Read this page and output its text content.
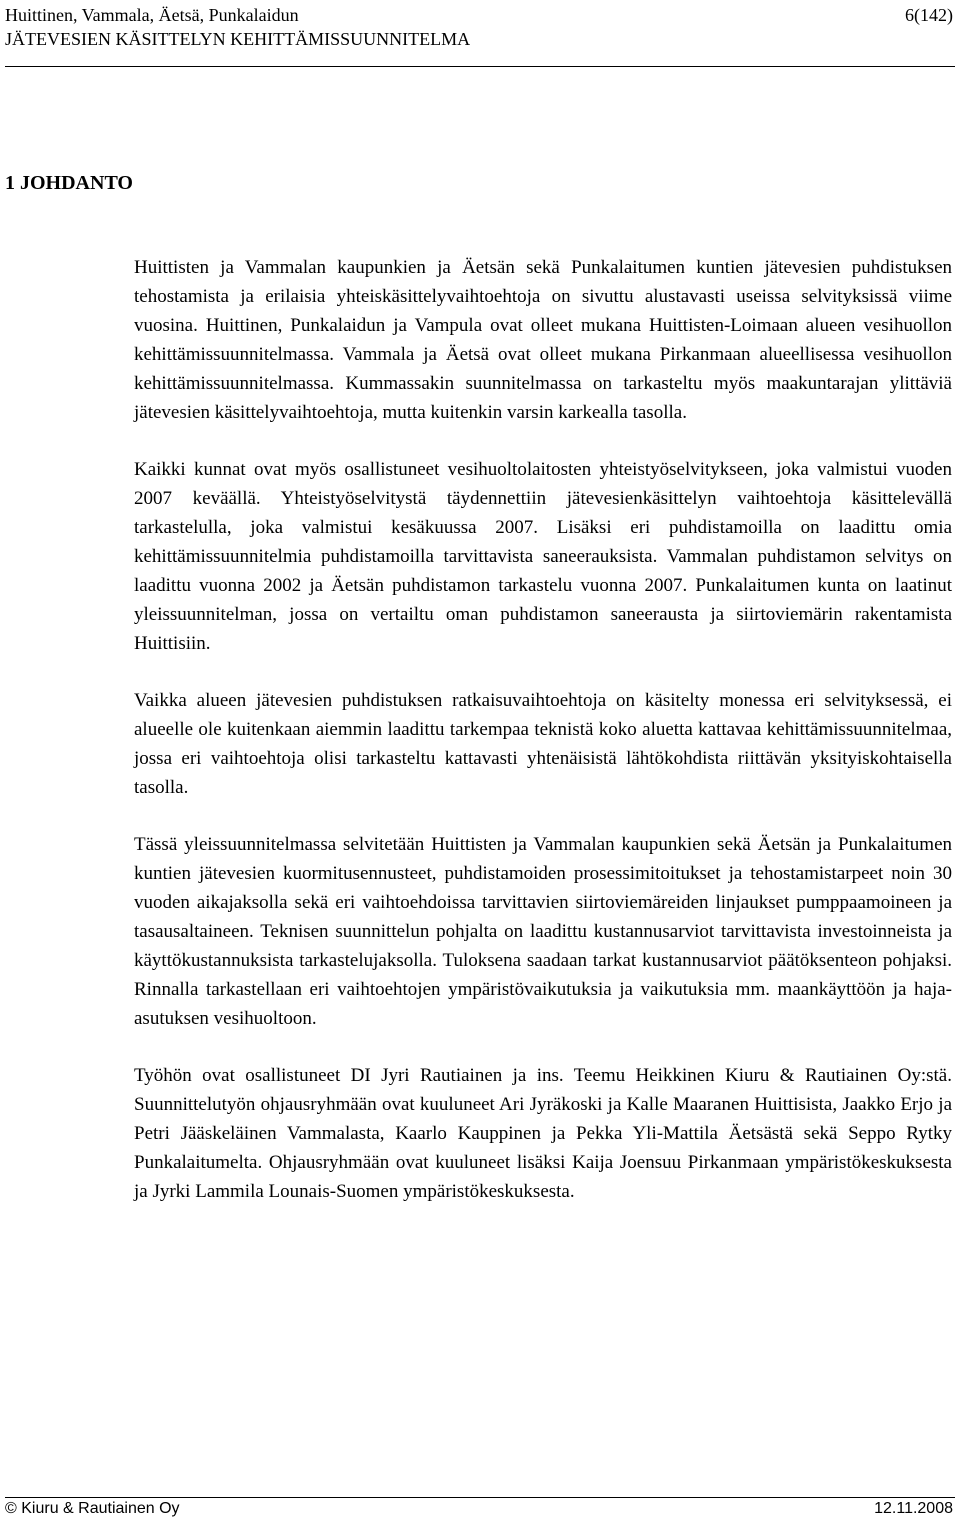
Huittinen, Vammala, Äetsä, Punkalaidun	6(142)
JÄTEVESIEN KÄSITTELYN KEHITTÄMISSUUNNITELMA
1 JOHDANTO

Huittisten ja Vammalan kaupunkien ja Äetsän sekä Punkalaitumen kuntien jätevesien puhdistuksen tehostamista ja erilaisia yhteiskäsittelyvaihtoehtoja on sivuttu alustavasti useissa selvityksissä viime vuosina. Huittinen, Punkalaidun ja Vampula ovat olleet mukana Huittisten-Loimaan alueen vesihuollon kehittämissuunnitelmassa. Vammala ja Äetsä ovat olleet mukana Pirkanmaan alueellisessa vesihuollon kehittämissuunnitelmassa. Kummassakin suunnitelmassa on tarkasteltu myös maakuntarajan ylittäviä jätevesien käsittelyvaihtoehtoja, mutta kuitenkin varsin karkealla tasolla.

Kaikki kunnat ovat myös osallistuneet vesihuoltolaitosten yhteistyöselvitykseen, joka valmistui vuoden 2007 keväällä. Yhteistyöselvitystä täydennettiin jätevesienkäsittelyn vaihtoehtoja käsittelevällä tarkastelulla, joka valmistui kesäkuussa 2007. Lisäksi eri puhdistamoilla on laadittu omia kehittämissuunnitelmia puhdistamoilla tarvittavista saneerauksista. Vammalan puhdistamon selvitys on laadittu vuonna 2002 ja Äetsän puhdistamon tarkastelu vuonna 2007. Punkalaitumen kunta on laatinut yleissuunnitelman, jossa on vertailtu oman puhdistamon saneerausta ja siirtoviemärin rakentamista Huittisiin.

Vaikka alueen jätevesien puhdistuksen ratkaisuvaihtoehtoja on käsitelty monessa eri selvityksessä, ei alueelle ole kuitenkaan aiemmin laadittu tarkempaa teknistä koko aluetta kattavaa kehittämissuunnitelmaa, jossa eri vaihtoehtoja olisi tarkasteltu kattavasti yhtenäisistä lähtökohdista riittävän yksityiskohtaisella tasolla.

Tässä yleissuunnitelmassa selvitetään Huittisten ja Vammalan kaupunkien sekä Äetsän ja Punkalaitumen kuntien jätevesien kuormitusennusteet, puhdistamoiden prosessimitoitukset ja tehostamistarpeet noin 30 vuoden aikajaksolla sekä eri vaihtoehdoissa tarvittavien siirtoviemäreiden linjaukset pumppaamoineen ja tasausaltaineen. Teknisen suunnittelun pohjalta on laadittu kustannusarviot tarvittavista investoinneista ja käyttökustannuksista tarkastelujaksolla. Tuloksena saadaan tarkat kustannusarviot päätöksenteon pohjaksi. Rinnalla tarkastellaan eri vaihtoehtojen ympäristövaikutuksia ja vaikutuksia mm. maankäyttöön ja haja-asutuksen vesihuoltoon.

Työhön ovat osallistuneet DI Jyri Rautiainen ja ins. Teemu Heikkinen Kiuru & Rautiainen Oy:stä. Suunnittelutyön ohjausryhmään ovat kuuluneet Ari Jyräkoski ja Kalle Maaranen Huittisista, Jaakko Erjo ja Petri Jääskeläinen Vammalasta, Kaarlo Kauppinen ja Pekka Yli-Mattila Äetsästä sekä Seppo Rytky Punkalaitumelta. Ohjausryhmään ovat kuuluneet lisäksi Kaija Joensuu Pirkanmaan ympäristökeskuksesta ja Jyrki Lammila Lounais-Suomen ympäristökeskuksesta.

© Kiuru & Rautiainen Oy	12.11.2008
